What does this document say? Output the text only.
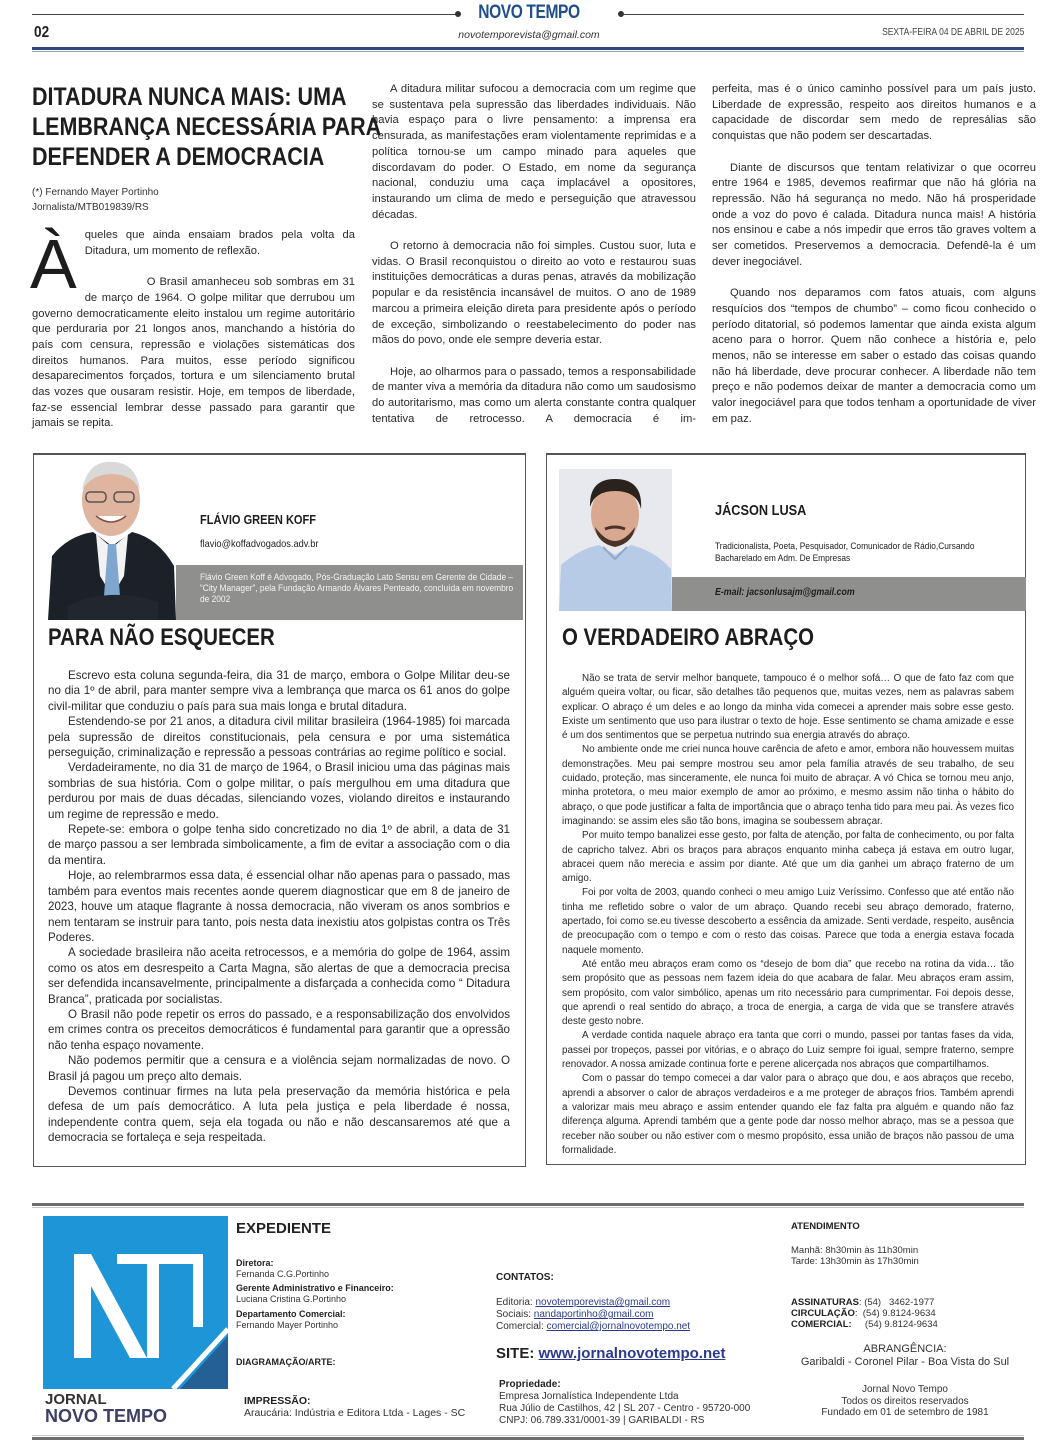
NOVO TEMPO
novotemporevista@gmail.com
02	SEXTA-FEIRA 04 DE ABRIL DE 2025
DITADURA NUNCA MAIS: UMA
LEMBRANÇA NECESSÁRIA PARA
DEFENDER A DEMOCRACIA
(*) Fernando Mayer Portinho
Jornalista/MTB019839/RS

Àqueles que ainda ensaiam brados pela volta da Ditadura, um momento de reflexão.

O Brasil amanheceu sob sombras em 31 de março de 1964. O golpe militar que derrubou um governo democraticamente eleito instalou um regime autoritário que perduraria por 21 longos anos, manchando a história do país com censura, repressão e violações sistemáticas dos direitos humanos. Para muitos, esse período significou desaparecimentos forçados, tortura e um silenciamento brutal das vozes que ousaram resistir. Hoje, em tempos de liberdade, faz-se essencial lembrar desse passado para garantir que jamais se repita.

A ditadura militar sufocou a democracia com um regime que se sustentava pela supressão das liberdades individuais. Não havia espaço para o livre pensamento: a imprensa era censurada, as manifestações eram violentamente reprimidas e a política tornou-se um campo minado para aqueles que discordavam do poder. O Estado, em nome da segurança nacional, conduziu uma caça implacável a opositores, instaurando um clima de medo e perseguição que atravessou décadas.

O retorno à democracia não foi simples. Custou suor, luta e vidas. O Brasil reconquistou o direito ao voto e restaurou suas instituições democráticas a duras penas, através da mobilização popular e da resistência incansável de muitos. O ano de 1989 marcou a primeira eleição direta para presidente após o período de exceção, simbolizando o reestabelecimento do poder nas mãos do povo, onde ele sempre deveria estar.

Hoje, ao olharmos para o passado, temos a responsabilidade de manter viva a memória da ditadura não como um saudosismo do autoritarismo, mas como um alerta constante contra qualquer tentativa de retrocesso. A democracia é im-

perfeita, mas é o único caminho possível para um país justo. Liberdade de expressão, respeito aos direitos humanos e a capacidade de discordar sem medo de represálias são conquistas que não podem ser descartadas.

Diante de discursos que tentam relativizar o que ocorreu entre 1964 e 1985, devemos reafirmar que não há glória na repressão. Não há segurança no medo. Não há prosperidade onde a voz do povo é calada. Ditadura nunca mais! A história nos ensinou e cabe a nós impedir que erros tão graves voltem a ser cometidos. Preservemos a democracia. Defendê-la é um dever inegociável.

Quando nos deparamos com fatos atuais, com alguns resquícios dos “tempos de chumbo” – como ficou conhecido o período ditatorial, só podemos lamentar que ainda exista algum aceno para o horror. Quem não conhece a história e, pelo menos, não se interesse em saber o estado das coisas quando não há liberdade, deve procurar conhecer. A liberdade não tem preço e não podemos deixar de manter a democracia como um valor inegociável para que todos tenham a oportunidade de viver em paz.

FLÁVIO GREEN KOFF
flavio@koffadvogados.adv.br
Flávio Green Koff é Advogado, Pós-Graduação Lato Sensu em Gerente de Cidade – “City Manager”, pela Fundação Armando Álvares Penteado, concluída em novembro de 2002
PARA NÃO ESQUECER

Escrevo esta coluna segunda-feira, dia 31 de março, embora o Golpe Militar deu-se no dia 1º de abril, para manter sempre viva a lembrança que marca os 61 anos do golpe civil-militar que conduziu o país para sua mais longa e brutal ditadura.

Estendendo-se por 21 anos, a ditadura civil militar brasileira (1964-1985) foi marcada pela supressão de direitos constitucionais, pela censura e por uma sistemática perseguição, criminalização e repressão a pessoas contrárias ao regime político e social.

Verdadeiramente, no dia 31 de março de 1964, o Brasil iniciou uma das páginas mais sombrias de sua história. Com o golpe militar, o país mergulhou em uma ditadura que perdurou por mais de duas décadas, silenciando vozes, violando direitos e instaurando um regime de repressão e medo.

Repete-se: embora o golpe tenha sido concretizado no dia 1º de abril, a data de 31 de março passou a ser lembrada simbolicamente, a fim de evitar a associação com o dia da mentira.

Hoje, ao relembrarmos essa data, é essencial olhar não apenas para o passado, mas também para eventos mais recentes aonde querem diagnosticar que em 8 de janeiro de 2023, houve um ataque flagrante à nossa democracia, não viveram os anos sombrios e nem tentaram se instruir para tanto, pois nesta data inexistiu atos golpistas contra os Três Poderes.

A sociedade brasileira não aceita retrocessos, e a memória do golpe de 1964, assim como os atos em desrespeito a Carta Magna, são alertas de que a democracia precisa ser defendida incansavelmente, principalmente a disfarçada a conhecida como “ Ditadura Branca”, praticada por socialistas.

O Brasil não pode repetir os erros do passado, e a responsabilização dos envolvidos em crimes contra os preceitos democráticos é fundamental para garantir que a opressão não tenha espaço novamente.

Não podemos permitir que a censura e a violência sejam normalizadas de novo. O Brasil já pagou um preço alto demais.

Devemos continuar firmes na luta pela preservação da memória histórica e pela defesa de um país democrático. A luta pela justiça e pela liberdade é nossa, independente contra quem, seja ela togada ou não e não descansaremos até que a democracia se fortaleça e seja respeitada.

JÁCSON LUSA
Tradicionalista, Poeta, Pesquisador, Comunicador de Rádio,Cursando Bacharelado em Adm. De Empresas
E-mail: jacsonlusajm@gmail.com
O VERDADEIRO ABRAÇO

Não se trata de servir melhor banquete, tampouco é o melhor sofá… O que de fato faz com que alguém queira voltar, ou ficar, são detalhes tão pequenos que, muitas vezes, nem as palavras sabem explicar. O abraço é um deles e ao longo da minha vida comecei a aprender mais sobre esse gesto. Existe um sentimento que uso para ilustrar o texto de hoje. Esse sentimento se chama amizade e esse é um dos sentimentos que se perpetua nutrindo sua energia através do abraço.

No ambiente onde me criei nunca houve carência de afeto e amor, embora não houvessem muitas demonstrações. Meu pai sempre mostrou seu amor pela família através de seu trabalho, de seu cuidado, proteção, mas sinceramente, ele nunca foi muito de abraçar. A vó Chica se tornou meu anjo, minha protetora, o meu maior exemplo de amor ao próximo, e mesmo assim não tinha o hábito do abraço, o que pode justificar a falta de importância que o abraço tenha tido para meu pai. Às vezes fico imaginando: se assim eles são tão bons, imagina se soubessem abraçar.

Por muito tempo banalizei esse gesto, por falta de atenção, por falta de conhecimento, ou por falta de capricho talvez. Abri os braços para abraços enquanto minha cabeça já estava em outro lugar, abracei quem não merecia e assim por diante. Até que um dia ganhei um abraço fraterno de um amigo.

Foi por volta de 2003, quando conheci o meu amigo Luiz Veríssimo. Confesso que até então não tinha me refletido sobre o valor de um abraço. Quando recebi seu abraço demorado, fraterno, apertado, foi como se.eu tivesse descoberto a essência da amizade. Senti verdade, respeito, ausência de preocupação com o tempo e com o resto das coisas. Parece que toda a energia estava focada naquele momento.

Até então meu abraços eram como os “desejo de bom dia” que recebo na rotina da vida… tão sem propósito que as pessoas nem fazem ideia do que acabara de falar. Meu abraços eram assim, sem propósito, com valor simbólico, apenas um rito necessário para cumprimentar. Foi depois desse, que aprendi o real sentido do abraço, a troca de energia, a carga de vida que se transfere através deste gesto nobre.

A verdade contida naquele abraço era tanta que corri o mundo, passei por tantas fases da vida, passei por tropeços, passei por vitórias, e o abraço do Luiz sempre foi igual, sempre fraterno, sempre renovador. A nossa amizade continua forte e perene alicerçada nos abraços que compartilhamos.

Com o passar do tempo comecei a dar valor para o abraço que dou, e aos abraços que recebo, aprendi a absorver o calor de abraços verdadeiros e a me proteger de abraços frios. Também aprendi a valorizar mais meu abraço e assim entender quando ele faz falta pra alguém e quando não faz diferença alguma. Aprendi também que a gente pode dar nosso melhor abraço, mas se a pessoa que receber não souber ou não estiver com o mesmo propósito, essa união de braços não passou de uma formalidade.

JORNAL
NOVO TEMPO
EXPEDIENTE
Diretora:
Fernanda C.G.Portinho
Gerente Administrativo e Financeiro:
Luciana Cristina G.Portinho
Departamento Comercial:
Fernando Mayer Portinho
DIAGRAMAÇÃO/ARTE:
IMPRESSÃO:
Araucária: Indústria e Editora Ltda - Lages - SC
CONTATOS:
Editoria: novotemporevista@gmail.com
Sociais: nandaportinho@gmail.com
Comercial: comercial@jornalnovotempo.net
SITE: www.jornalnovotempo.net
Propriedade:
Empresa Jornalística Independente Ltda
Rua Júlio de Castilhos, 42 | SL 207 - Centro - 95720-000
CNPJ: 06.789.331/0001-39 | GARIBALDI - RS
ATENDIMENTO
Manhã: 8h30min às 11h30min
Tarde: 13h30min às 17h30min
ASSINATURAS: (54)   3462-1977
CIRCULAÇÃO:  (54) 9.8124-9634
COMERCIAL:     (54) 9.8124-9634
ABRANGÊNCIA:
Garibaldi - Coronel Pilar - Boa Vista do Sul
Jornal Novo Tempo
Todos os direitos reservados
Fundado em 01 de setembro de 1981
